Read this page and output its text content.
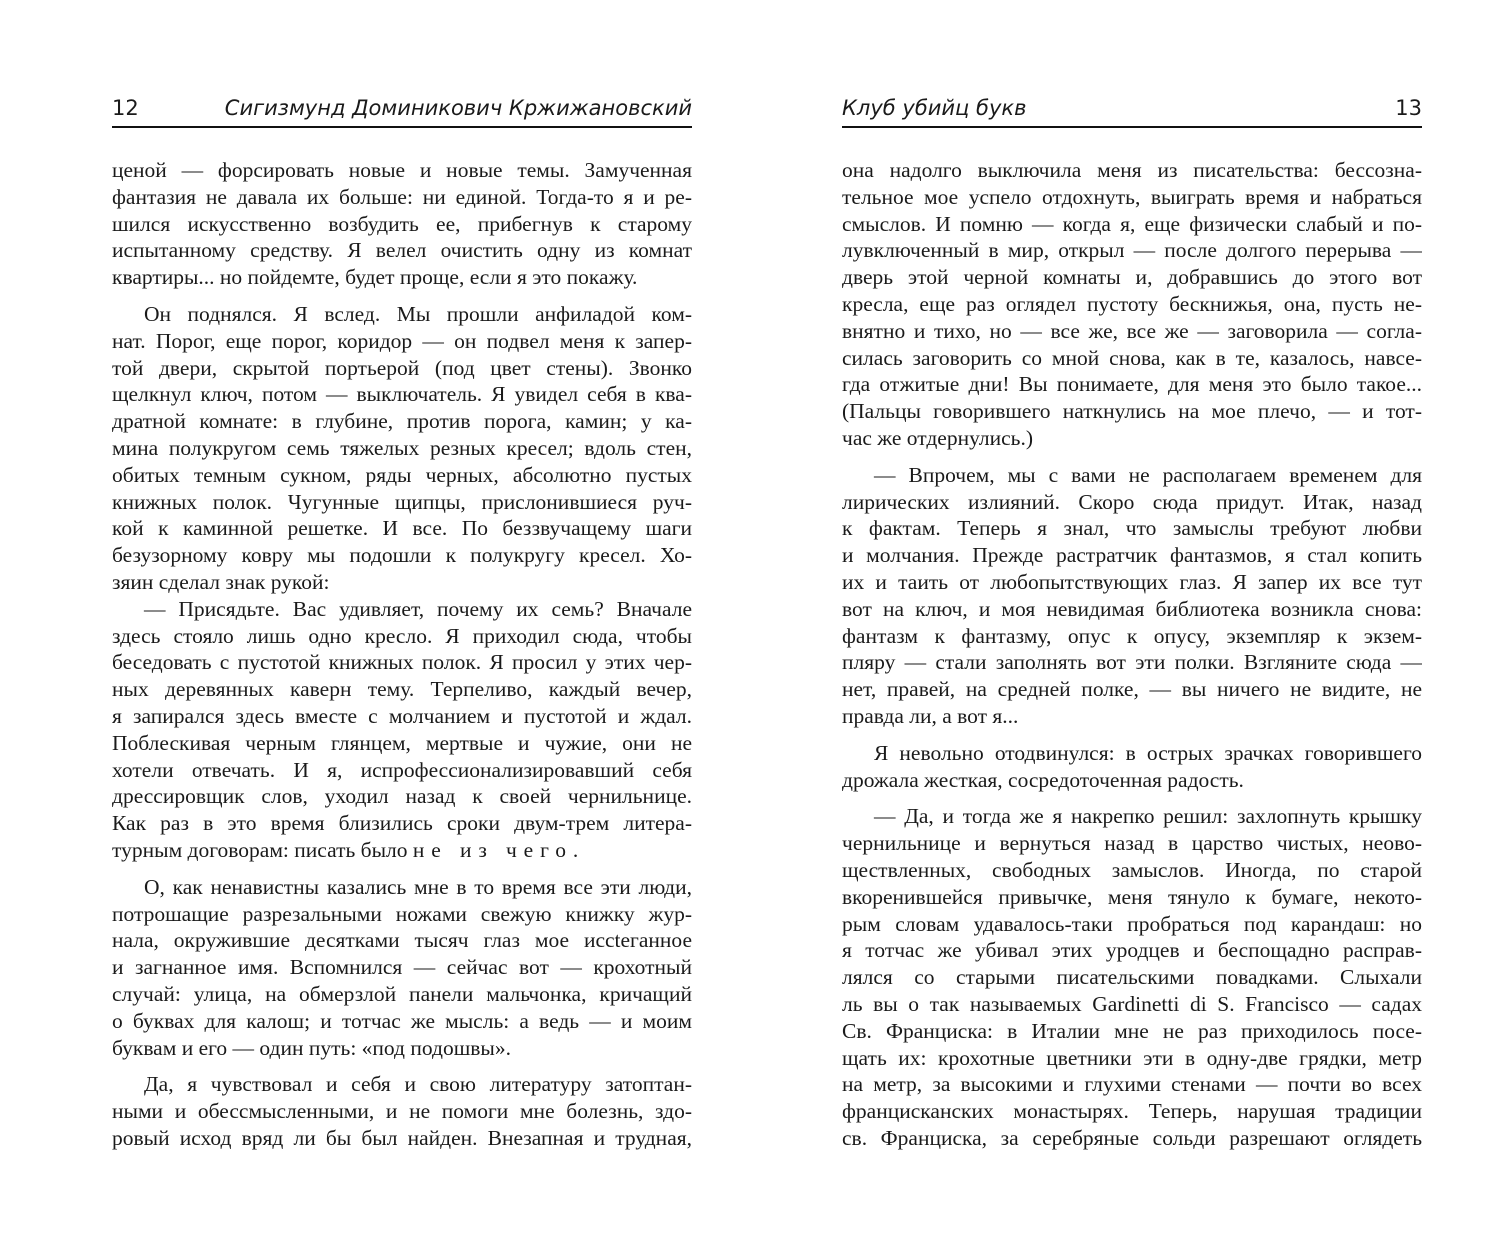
12	Сигизмунд Доминикович Кржижановский
ценой — форсировать новые и новые темы. Замученная
фантазия не давала их больше: ни единой. Тогда-то я и ре-
шился искусственно возбудить ее, прибегнув к старому
испытанному средству. Я велел очистить одну из комнат
квартиры... но пойдемте, будет проще, если я это покажу.
Он поднялся. Я вслед. Мы прошли анфиладой ком-
нат. Порог, еще порог, коридор — он подвел меня к запер-
той двери, скрытой портьерой (под цвет стены). Звонко
щелкнул ключ, потом — выключатель. Я увидел себя в ква-
дратной комнате: в глубине, против порога, камин; у ка-
мина полукругом семь тяжелых резных кресел; вдоль стен,
обитых темным сукном, ряды черных, абсолютно пустых
книжных полок. Чугунные щипцы, прислонившиеся руч-
кой к каминной решетке. И все. По беззвучащему шаги
безузорному ковру мы подошли к полукругу кресел. Хо-
зяин сделал знак рукой:
— Присядьте. Вас удивляет, почему их семь? Вначале
здесь стояло лишь одно кресло. Я приходил сюда, чтобы
беседовать с пустотой книжных полок. Я просил у этих чер-
ных деревянных каверн тему. Терпеливо, каждый вечер,
я запирался здесь вместе с молчанием и пустотой и ждал.
Поблескивая черным глянцем, мертвые и чужие, они не
хотели отвечать. И я, испрофессионализировавший себя
дрессировщик слов, уходил назад к своей чернильнице.
Как раз в это время близились сроки двум-трем литера-
турным договорам: писать было не из чего.
О, как ненавистны казались мне в то время все эти люди,
потрошащие разрезальными ножами свежую книжку жур-
нала, окружившие десятками тысяч глаз мое иссteганное
и загнанное имя. Вспомнился — сейчас вот — крохотный
случай: улица, на обмерзлой панели мальчонка, кричащий
о буквах для калош; и тотчас же мысль: а ведь — и моим
буквам и его — один путь: «под подошвы».
Да, я чувствовал и себя и свою литературу затоптан-
ными и обессмысленными, и не помоги мне болезнь, здо-
ровый исход вряд ли бы был найден. Внезапная и трудная,
Клуб убийц букв	13
она надолго выключила меня из писательства: бессозна-
тельное мое успело отдохнуть, выиграть время и набраться
смыслов. И помню — когда я, еще физически слабый и по-
лувключенный в мир, открыл — после долгого перерыва —
дверь этой черной комнаты и, добравшись до этого вот
кресла, еще раз оглядел пустоту бескнижья, она, пусть не-
внятно и тихо, но — все же, все же — заговорила — согла-
силась заговорить со мной снова, как в те, казалось, навсе-
гда отжитые дни! Вы понимаете, для меня это было такое...
(Пальцы говорившего наткнулись на мое плечо, — и тот-
час же отдернулись.)
— Впрочем, мы с вами не располагаем временем для
лирических излияний. Скоро сюда придут. Итак, назад
к фактам. Теперь я знал, что замыслы требуют любви
и молчания. Прежде растратчик фантазмов, я стал копить
их и таить от любопытствующих глаз. Я запер их все тут
вот на ключ, и моя невидимая библиотека возникла снова:
фантазм к фантазму, опус к опусу, экземпляр к экзем-
пляру — стали заполнять вот эти полки. Взгляните сюда —
нет, правей, на средней полке, — вы ничего не видите, не
правда ли, а вот я...
Я невольно отодвинулся: в острых зрачках говорившего
дрожала жесткая, сосредоточенная радость.
— Да, и тогда же я накрепко решил: захлопнуть крышку
чернильнице и вернуться назад в царство чистых, неово-
ществленных, свободных замыслов. Иногда, по старой
вкоренившейся привычке, меня тянуло к бумаге, некото-
рым словам удавалось-таки пробраться под карандаш: но
я тотчас же убивал этих уродцев и беспощадно расправ-
лялся со старыми писательскими повадками. Слыхали
ль вы о так называемых Gardinetti di S. Francisco — садах
Св. Франциска: в Италии мне не раз приходилось посе-
щать их: крохотные цветники эти в одну-две грядки, метр
на метр, за высокими и глухими стенами — почти во всех
францисканских монастырях. Теперь, нарушая традиции
св. Франциска, за серебряные сольди разрешают оглядеть
